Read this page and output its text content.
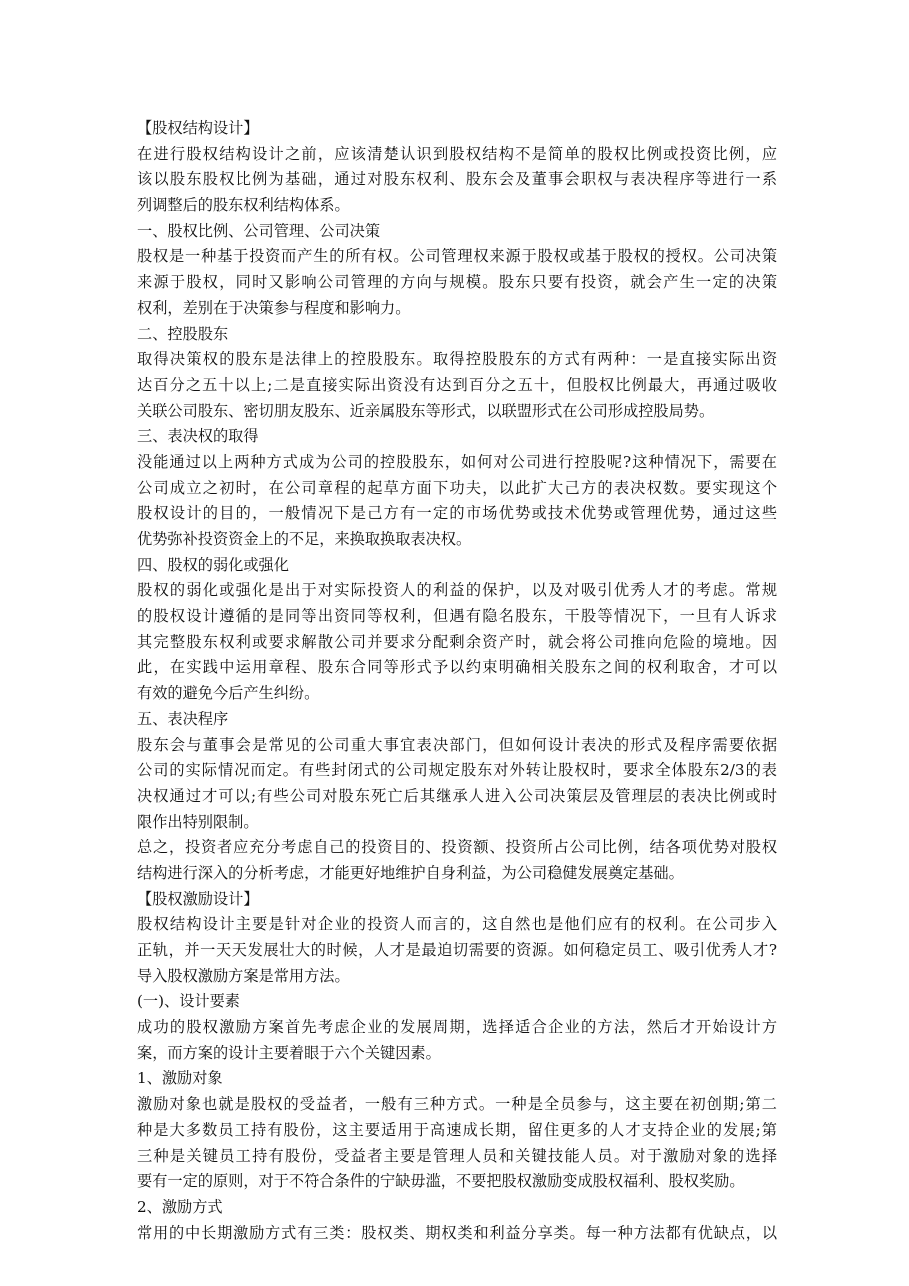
【股权结构设计】
在进行股权结构设计之前，应该清楚认识到股权结构不是简单的股权比例或投资比例，应
该以股东股权比例为基础，通过对股东权利、股东会及董事会职权与表决程序等进行一系
列调整后的股东权利结构体系。
一、股权比例、公司管理、公司决策
股权是一种基于投资而产生的所有权。公司管理权来源于股权或基于股权的授权。公司决策
来源于股权，同时又影响公司管理的方向与规模。股东只要有投资，就会产生一定的决策
权利，差别在于决策参与程度和影响力。
二、控股股东
取得决策权的股东是法律上的控股股东。取得控股股东的方式有两种：一是直接实际出资
达百分之五十以上;二是直接实际出资没有达到百分之五十，但股权比例最大，再通过吸收
关联公司股东、密切朋友股东、近亲属股东等形式，以联盟形式在公司形成控股局势。
三、表决权的取得
没能通过以上两种方式成为公司的控股股东，如何对公司进行控股呢?这种情况下，需要在
公司成立之初时，在公司章程的起草方面下功夫，以此扩大己方的表决权数。要实现这个
股权设计的目的，一般情况下是己方有一定的市场优势或技术优势或管理优势，通过这些
优势弥补投资资金上的不足，来换取换取表决权。
四、股权的弱化或强化
股权的弱化或强化是出于对实际投资人的利益的保护，以及对吸引优秀人才的考虑。常规
的股权设计遵循的是同等出资同等权利，但遇有隐名股东，干股等情况下，一旦有人诉求
其完整股东权利或要求解散公司并要求分配剩余资产时，就会将公司推向危险的境地。因
此，在实践中运用章程、股东合同等形式予以约束明确相关股东之间的权利取舍，才可以
有效的避免今后产生纠纷。
五、表决程序
股东会与董事会是常见的公司重大事宜表决部门，但如何设计表决的形式及程序需要依据
公司的实际情况而定。有些封闭式的公司规定股东对外转让股权时，要求全体股东2/3的表
决权通过才可以;有些公司对股东死亡后其继承人进入公司决策层及管理层的表决比例或时
限作出特别限制。
总之，投资者应充分考虑自己的投资目的、投资额、投资所占公司比例，结各项优势对股权
结构进行深入的分析考虑，才能更好地维护自身利益，为公司稳健发展奠定基础。
【股权激励设计】
股权结构设计主要是针对企业的投资人而言的，这自然也是他们应有的权利。在公司步入
正轨，并一天天发展壮大的时候，人才是最迫切需要的资源。如何稳定员工、吸引优秀人才?
导入股权激励方案是常用方法。
(一)、设计要素
成功的股权激励方案首先考虑企业的发展周期，选择适合企业的方法，然后才开始设计方
案，而方案的设计主要着眼于六个关键因素。
1、激励对象
激励对象也就是股权的受益者，一般有三种方式。一种是全员参与，这主要在初创期;第二
种是大多数员工持有股份，这主要适用于高速成长期，留住更多的人才支持企业的发展;第
三种是关键员工持有股份，受益者主要是管理人员和关键技能人员。对于激励对象的选择
要有一定的原则，对于不符合条件的宁缺毋滥，不要把股权激励变成股权福利、股权奖励。
2、激励方式
常用的中长期激励方式有三类：股权类、期权类和利益分享类。每一种方法都有优缺点，以
